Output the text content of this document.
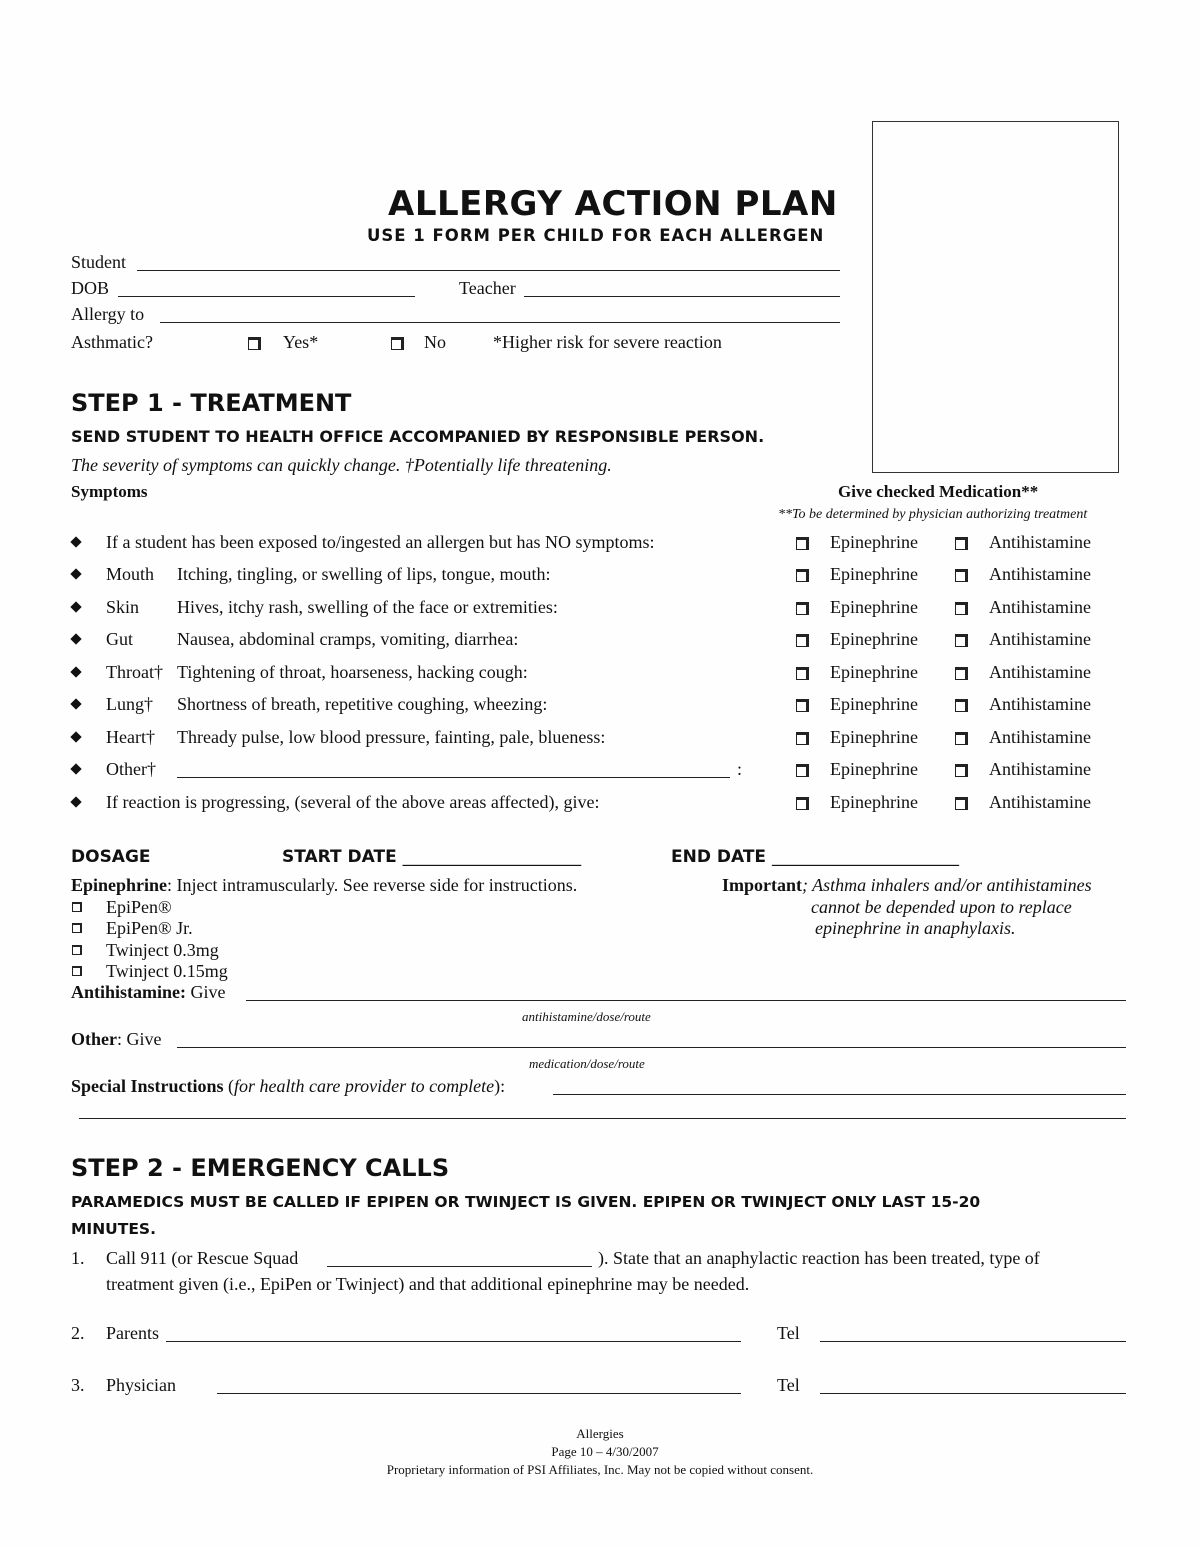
ALLERGY ACTION PLAN
USE 1 FORM PER CHILD FOR EACH ALLERGEN
Student
DOB	Teacher
Allergy to
Asthmatic?	Yes*	No	*Higher risk for severe reaction
STEP 1 - TREATMENT
SEND STUDENT TO HEALTH OFFICE ACCOMPANIED BY RESPONSIBLE PERSON.
The severity of symptoms can quickly change. †Potentially life threatening.
Symptoms	Give checked Medication**
**To be determined by physician authorizing treatment
If a student has been exposed to/ingested an allergen but has NO symptoms:	Epinephrine	Antihistamine
Mouth Itching, tingling, or swelling of lips, tongue, mouth:	Epinephrine	Antihistamine
Skin Hives, itchy rash, swelling of the face or extremities:	Epinephrine	Antihistamine
Gut Nausea, abdominal cramps, vomiting, diarrhea:	Epinephrine	Antihistamine
Throat† Tightening of throat, hoarseness, hacking cough:	Epinephrine	Antihistamine
Lung† Shortness of breath, repetitive coughing, wheezing:	Epinephrine	Antihistamine
Heart† Thready pulse, low blood pressure, fainting, pale, blueness:	Epinephrine	Antihistamine
Other†	:	Epinephrine	Antihistamine
If reaction is progressing, (several of the above areas affected), give:	Epinephrine	Antihistamine
DOSAGE	START DATE _____________________	END DATE ______________________
Epinephrine: Inject intramuscularly. See reverse side for instructions.
EpiPen®
EpiPen® Jr.
Twinject 0.3mg
Twinject 0.15mg
Important; Asthma inhalers and/or antihistamines
cannot be depended upon to replace
epinephrine in anaphylaxis.
Antihistamine: Give
antihistamine/dose/route
Other: Give
medication/dose/route
Special Instructions (for health care provider to complete):
STEP 2 - EMERGENCY CALLS
PARAMEDICS MUST BE CALLED IF EPIPEN OR TWINJECT IS GIVEN. EPIPEN OR TWINJECT ONLY LAST 15-20
MINUTES.
1. Call 911 (or Rescue Squad	). State that an anaphylactic reaction has been treated, type of
treatment given (i.e., EpiPen or Twinject) and that additional epinephrine may be needed.
2. Parents	Tel
3. Physician	Tel
Allergies
Page 10 – 4/30/2007
Proprietary information of PSI Affiliates, Inc. May not be copied without consent.
